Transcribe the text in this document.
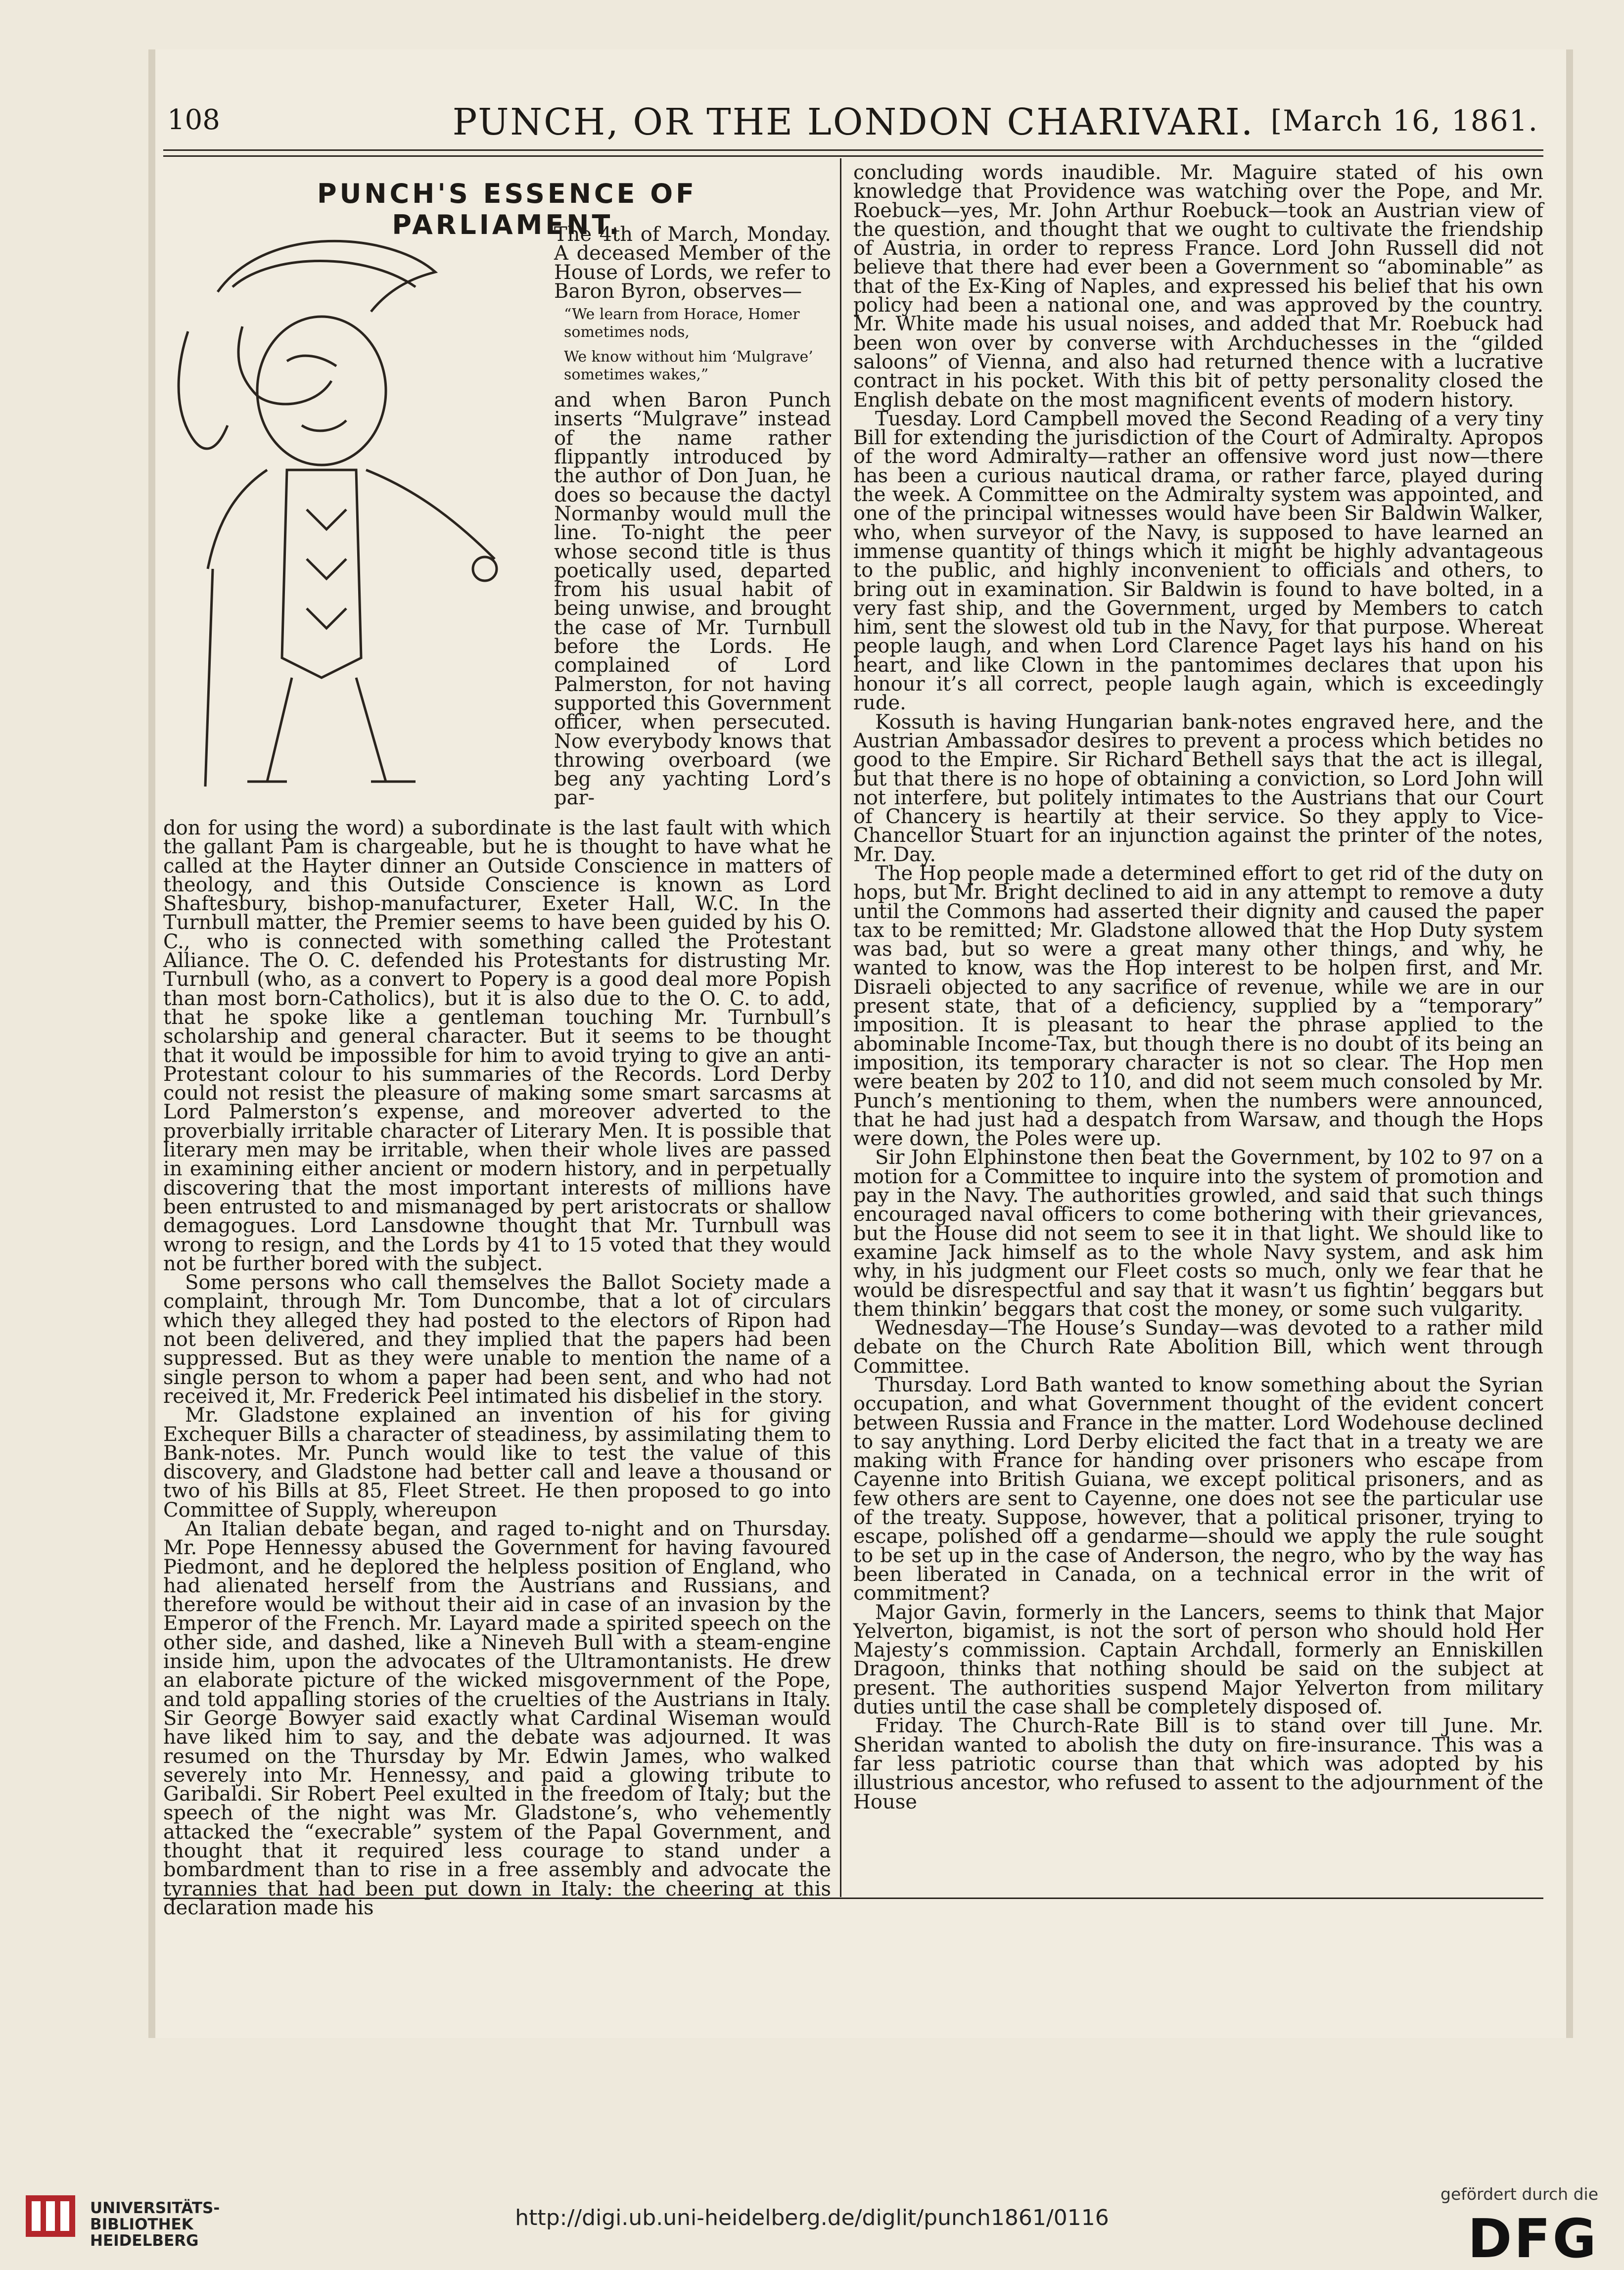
108	PUNCH, OR THE LONDON CHARIVARI. [March 16, 1861.
PUNCH'S ESSENCE OF PARLIAMENT.

The 4th of March, Monday. A deceased Member of the House of Lords, we refer to Baron Byron, observes—

“We learn from Horace, Homer sometimes nods,

We know without him ‘Mulgrave’ sometimes wakes,”

and when Baron Punch inserts “Mulgrave” instead of the name rather flippantly introduced by the author of Don Juan, he does so because the dactyl Normanby would mull the line. To-night the peer whose second title is thus poetically used, departed from his usual habit of being unwise, and brought the case of Mr. Turnbull before the Lords. He complained of Lord Palmerston, for not having supported this Government officer, when persecuted. Now everybody knows that throwing overboard (we beg any yachting Lord’s par-

don for using the word) a subordinate is the last fault with which the gallant Pam is chargeable, but he is thought to have what he called at the Hayter dinner an Outside Conscience in matters of theology, and this Outside Conscience is known as Lord Shaftesbury, bishop-manufacturer, Exeter Hall, W.C. In the Turnbull matter, the Premier seems to have been guided by his O. C., who is connected with something called the Protestant Alliance. The O. C. defended his Protestants for distrusting Mr. Turnbull (who, as a convert to Popery is a good deal more Popish than most born-Catholics), but it is also due to the O. C. to add, that he spoke like a gentleman touching Mr. Turnbull’s scholarship and general character. But it seems to be thought that it would be impossible for him to avoid trying to give an anti-Protestant colour to his summaries of the Records. Lord Derby could not resist the pleasure of making some smart sarcasms at Lord Palmerston’s expense, and moreover adverted to the proverbially irritable character of Literary Men. It is possible that literary men may be irritable, when their whole lives are passed in examining either ancient or modern history, and in perpetually discovering that the most important interests of millions have been entrusted to and mismanaged by pert aristocrats or shallow demagogues. Lord Lansdowne thought that Mr. Turnbull was wrong to resign, and the Lords by 41 to 15 voted that they would not be further bored with the subject.

Some persons who call themselves the Ballot Society made a complaint, through Mr. Tom Duncombe, that a lot of circulars which they alleged they had posted to the electors of Ripon had not been delivered, and they implied that the papers had been suppressed. But as they were unable to mention the name of a single person to whom a paper had been sent, and who had not received it, Mr. Frederick Peel intimated his disbelief in the story.

Mr. Gladstone explained an invention of his for giving Exchequer Bills a character of steadiness, by assimilating them to Bank-notes. Mr. Punch would like to test the value of this discovery, and Gladstone had better call and leave a thousand or two of his Bills at 85, Fleet Street. He then proposed to go into Committee of Supply, whereupon

An Italian debate began, and raged to-night and on Thursday. Mr. Pope Hennessy abused the Government for having favoured Piedmont, and he deplored the helpless position of England, who had alienated herself from the Austrians and Russians, and therefore would be without their aid in case of an invasion by the Emperor of the French. Mr. Layard made a spirited speech on the other side, and dashed, like a Nineveh Bull with a steam-engine inside him, upon the advocates of the Ultramontanists. He drew an elaborate picture of the wicked misgovernment of the Pope, and told appalling stories of the cruelties of the Austrians in Italy. Sir George Bowyer said exactly what Cardinal Wiseman would have liked him to say, and the debate was adjourned. It was resumed on the Thursday by Mr. Edwin James, who walked severely into Mr. Hennessy, and paid a glowing tribute to Garibaldi. Sir Robert Peel exulted in the freedom of Italy; but the speech of the night was Mr. Gladstone’s, who vehemently attacked the “execrable” system of the Papal Government, and thought that it required less courage to stand under a bombardment than to rise in a free assembly and advocate the tyrannies that had been put down in Italy: the cheering at this declaration made his

concluding words inaudible. Mr. Maguire stated of his own knowledge that Providence was watching over the Pope, and Mr. Roebuck—yes, Mr. John Arthur Roebuck—took an Austrian view of the question, and thought that we ought to cultivate the friendship of Austria, in order to repress France. Lord John Russell did not believe that there had ever been a Government so “abominable” as that of the Ex-King of Naples, and expressed his belief that his own policy had been a national one, and was approved by the country. Mr. White made his usual noises, and added that Mr. Roebuck had been won over by converse with Archduchesses in the “gilded saloons” of Vienna, and also had returned thence with a lucrative contract in his pocket. With this bit of petty personality closed the English debate on the most magnificent events of modern history.

Tuesday. Lord Campbell moved the Second Reading of a very tiny Bill for extending the jurisdiction of the Court of Admiralty. Apropos of the word Admiralty—rather an offensive word just now—there has been a curious nautical drama, or rather farce, played during the week. A Committee on the Admiralty system was appointed, and one of the principal witnesses would have been Sir Baldwin Walker, who, when surveyor of the Navy, is supposed to have learned an immense quantity of things which it might be highly advantageous to the public, and highly inconvenient to officials and others, to bring out in examination. Sir Baldwin is found to have bolted, in a very fast ship, and the Government, urged by Members to catch him, sent the slowest old tub in the Navy, for that purpose. Whereat people laugh, and when Lord Clarence Paget lays his hand on his heart, and like Clown in the pantomimes declares that upon his honour it’s all correct, people laugh again, which is exceedingly rude.

Kossuth is having Hungarian bank-notes engraved here, and the Austrian Ambassador desires to prevent a process which betides no good to the Empire. Sir Richard Bethell says that the act is illegal, but that there is no hope of obtaining a conviction, so Lord John will not interfere, but politely intimates to the Austrians that our Court of Chancery is heartily at their service. So they apply to Vice-Chancellor Stuart for an injunction against the printer of the notes, Mr. Day.

The Hop people made a determined effort to get rid of the duty on hops, but Mr. Bright declined to aid in any attempt to remove a duty until the Commons had asserted their dignity and caused the paper tax to be remitted; Mr. Gladstone allowed that the Hop Duty system was bad, but so were a great many other things, and why, he wanted to know, was the Hop interest to be holpen first, and Mr. Disraeli objected to any sacrifice of revenue, while we are in our present state, that of a deficiency, supplied by a “temporary” imposition. It is pleasant to hear the phrase applied to the abominable Income-Tax, but though there is no doubt of its being an imposition, its temporary character is not so clear. The Hop men were beaten by 202 to 110, and did not seem much consoled by Mr. Punch’s mentioning to them, when the numbers were announced, that he had just had a despatch from Warsaw, and though the Hops were down, the Poles were up.

Sir John Elphinstone then beat the Government, by 102 to 97 on a motion for a Committee to inquire into the system of promotion and pay in the Navy. The authorities growled, and said that such things encouraged naval officers to come bothering with their grievances, but the House did not seem to see it in that light. We should like to examine Jack himself as to the whole Navy system, and ask him why, in his judgment our Fleet costs so much, only we fear that he would be disrespectful and say that it wasn’t us fightin’ beggars but them thinkin’ beggars that cost the money, or some such vulgarity.

Wednesday—The House’s Sunday—was devoted to a rather mild debate on the Church Rate Abolition Bill, which went through Committee.

Thursday. Lord Bath wanted to know something about the Syrian occupation, and what Government thought of the evident concert between Russia and France in the matter. Lord Wodehouse declined to say anything. Lord Derby elicited the fact that in a treaty we are making with France for handing over prisoners who escape from Cayenne into British Guiana, we except political prisoners, and as few others are sent to Cayenne, one does not see the particular use of the treaty. Suppose, however, that a political prisoner, trying to escape, polished off a gendarme—should we apply the rule sought to be set up in the case of Anderson, the negro, who by the way has been liberated in Canada, on a technical error in the writ of commitment?

Major Gavin, formerly in the Lancers, seems to think that Major Yelverton, bigamist, is not the sort of person who should hold Her Majesty’s commission. Captain Archdall, formerly an Enniskillen Dragoon, thinks that nothing should be said on the subject at present. The authorities suspend Major Yelverton from military duties until the case shall be completely disposed of.

Friday. The Church-Rate Bill is to stand over till June. Mr. Sheridan wanted to abolish the duty on fire-insurance. This was a far less patriotic course than that which was adopted by his illustrious ancestor, who refused to assent to the adjournment of the House

UNIVERSITÄTS-
BIBLIOTHEK
HEIDELBERG
http://digi.ub.uni-heidelberg.de/diglit/punch1861/0116
gefördert durch die
DFG
